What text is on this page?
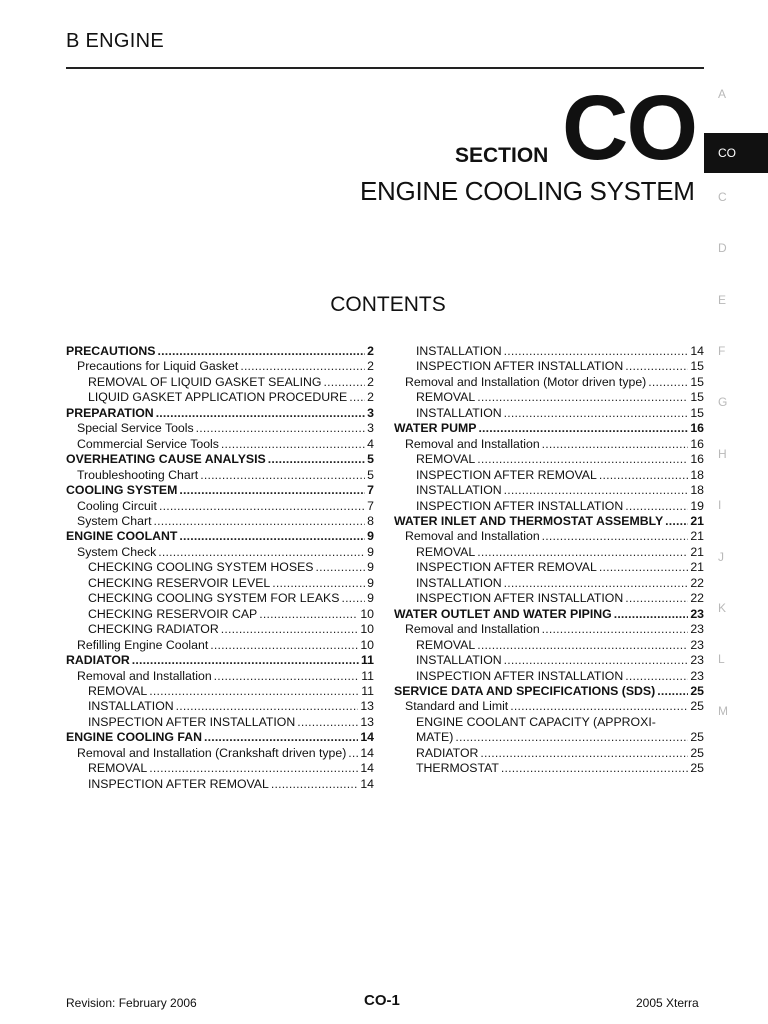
B ENGINE
SECTION CO
ENGINE COOLING SYSTEM
CONTENTS
PRECAUTIONS .....	2
Precautions for Liquid Gasket .....	2
REMOVAL OF LIQUID GASKET SEALING .....	2
LIQUID GASKET APPLICATION PROCEDURE ..... 2
PREPARATION .....	3
Special Service Tools .....	3
Commercial Service Tools .....	4
OVERHEATING CAUSE ANALYSIS .....	5
Troubleshooting Chart .....	5
COOLING SYSTEM .....	7
Cooling Circuit .....	7
System Chart .....	8
ENGINE COOLANT .....	9
System Check .....	9
CHECKING COOLING SYSTEM HOSES .....	9
CHECKING RESERVOIR LEVEL .....	9
CHECKING COOLING SYSTEM FOR LEAKS ..... 9
CHECKING RESERVOIR CAP .....	10
CHECKING RADIATOR .....	10
Refilling Engine Coolant .....	10
RADIATOR .....	11
Removal and Installation .....	11
REMOVAL .....	11
INSTALLATION .....	13
INSPECTION AFTER INSTALLATION .....	13
ENGINE COOLING FAN .....	14
Removal and Installation (Crankshaft driven type) ..... 14
REMOVAL .....	14
INSPECTION AFTER REMOVAL .....	14
INSTALLATION .....	14
INSPECTION AFTER INSTALLATION .....	15
Removal and Installation (Motor driven type) .....	15
REMOVAL .....	15
INSTALLATION .....	15
WATER PUMP .....	16
Removal and Installation .....	16
REMOVAL .....	16
INSPECTION AFTER REMOVAL .....	18
INSTALLATION .....	18
INSPECTION AFTER INSTALLATION .....	19
WATER INLET AND THERMOSTAT ASSEMBLY ..... 21
Removal and Installation .....	21
REMOVAL .....	21
INSPECTION AFTER REMOVAL .....	21
INSTALLATION .....	22
INSPECTION AFTER INSTALLATION .....	22
WATER OUTLET AND WATER PIPING .....	23
Removal and Installation .....	23
REMOVAL .....	23
INSTALLATION .....	23
INSPECTION AFTER INSTALLATION .....	23
SERVICE DATA AND SPECIFICATIONS (SDS) .....	25
Standard and Limit .....	25
ENGINE COOLANT CAPACITY (APPROXI-
MATE) .....	25
RADIATOR .....	25
THERMOSTAT .....	25
A
CO
C
D
E
F
G
H
I
J
K
L
M
Revision: February 2006	CO-1	2005 Xterra
